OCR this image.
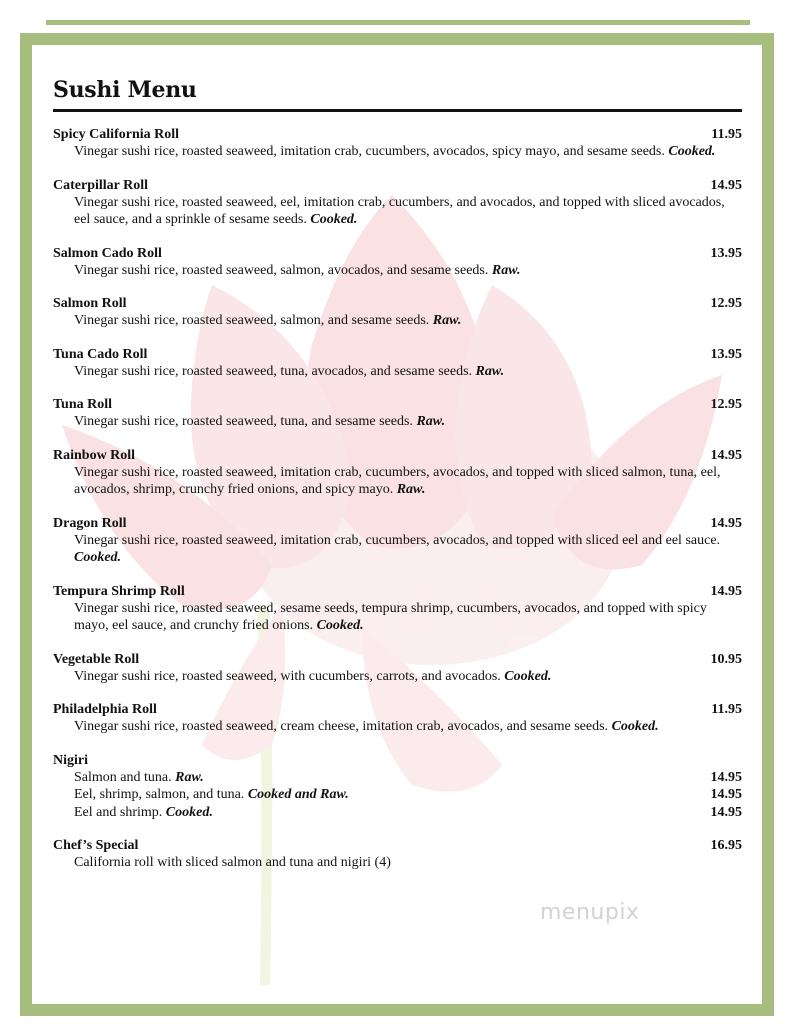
Sushi Menu
Spicy California Roll	11.95
Vinegar sushi rice, roasted seaweed, imitation crab, cucumbers, avocados, spicy mayo, and sesame seeds. Cooked.
Caterpillar Roll	14.95
Vinegar sushi rice, roasted seaweed, eel, imitation crab, cucumbers, and avocados, and topped with sliced avocados, eel sauce, and a sprinkle of sesame seeds. Cooked.
Salmon Cado Roll	13.95
Vinegar sushi rice, roasted seaweed, salmon, avocados, and sesame seeds. Raw.
Salmon Roll	12.95
Vinegar sushi rice, roasted seaweed, salmon, and sesame seeds. Raw.
Tuna Cado Roll	13.95
Vinegar sushi rice, roasted seaweed, tuna, avocados, and sesame seeds. Raw.
Tuna Roll	12.95
Vinegar sushi rice, roasted seaweed, tuna, and sesame seeds. Raw.
Rainbow Roll	14.95
Vinegar sushi rice, roasted seaweed, imitation crab, cucumbers, avocados, and topped with sliced salmon, tuna, eel, avocados, shrimp, crunchy fried onions, and spicy mayo. Raw.
Dragon Roll	14.95
Vinegar sushi rice, roasted seaweed, imitation crab, cucumbers, avocados, and topped with sliced eel and eel sauce. Cooked.
Tempura Shrimp Roll	14.95
Vinegar sushi rice, roasted seaweed, sesame seeds, tempura shrimp, cucumbers, avocados, and topped with spicy mayo, eel sauce, and crunchy fried onions. Cooked.
Vegetable Roll	10.95
Vinegar sushi rice, roasted seaweed, with cucumbers, carrots, and avocados. Cooked.
Philadelphia Roll	11.95
Vinegar sushi rice, roasted seaweed, cream cheese, imitation crab, avocados, and sesame seeds. Cooked.
Nigiri
Salmon and tuna. Raw.	14.95
Eel, shrimp, salmon, and tuna. Cooked and Raw.	14.95
Eel and shrimp. Cooked.	14.95
Chef’s Special	16.95
California roll with sliced salmon and tuna and nigiri (4)
menupix
